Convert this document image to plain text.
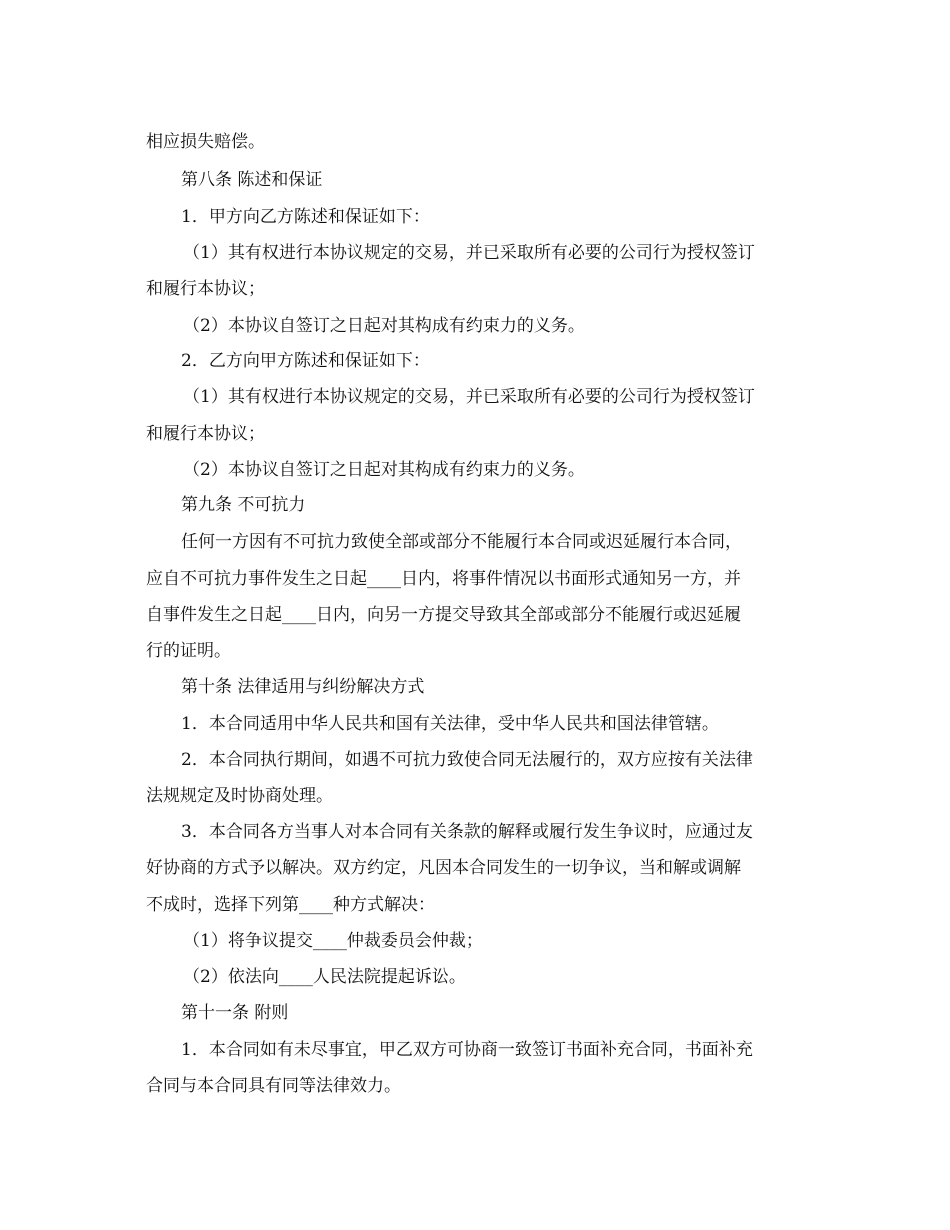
相应损失赔偿。
第八条 陈述和保证
1．甲方向乙方陈述和保证如下：
（1）其有权进行本协议规定的交易，并已采取所有必要的公司行为授权签订
和履行本协议；
（2）本协议自签订之日起对其构成有约束力的义务。
2．乙方向甲方陈述和保证如下：
（1）其有权进行本协议规定的交易，并已采取所有必要的公司行为授权签订
和履行本协议；
（2）本协议自签订之日起对其构成有约束力的义务。
第九条 不可抗力
任何一方因有不可抗力致使全部或部分不能履行本合同或迟延履行本合同，
应自不可抗力事件发生之日起____日内，将事件情况以书面形式通知另一方，并
自事件发生之日起____日内，向另一方提交导致其全部或部分不能履行或迟延履
行的证明。
第十条 法律适用与纠纷解决方式
1．本合同适用中华人民共和国有关法律，受中华人民共和国法律管辖。
2．本合同执行期间，如遇不可抗力致使合同无法履行的，双方应按有关法律
法规规定及时协商处理。
3．本合同各方当事人对本合同有关条款的解释或履行发生争议时，应通过友
好协商的方式予以解决。双方约定，凡因本合同发生的一切争议，当和解或调解
不成时，选择下列第____种方式解决：
（1）将争议提交____仲裁委员会仲裁；
（2）依法向____人民法院提起诉讼。
第十一条 附则
1．本合同如有未尽事宜，甲乙双方可协商一致签订书面补充合同，书面补充
合同与本合同具有同等法律效力。
